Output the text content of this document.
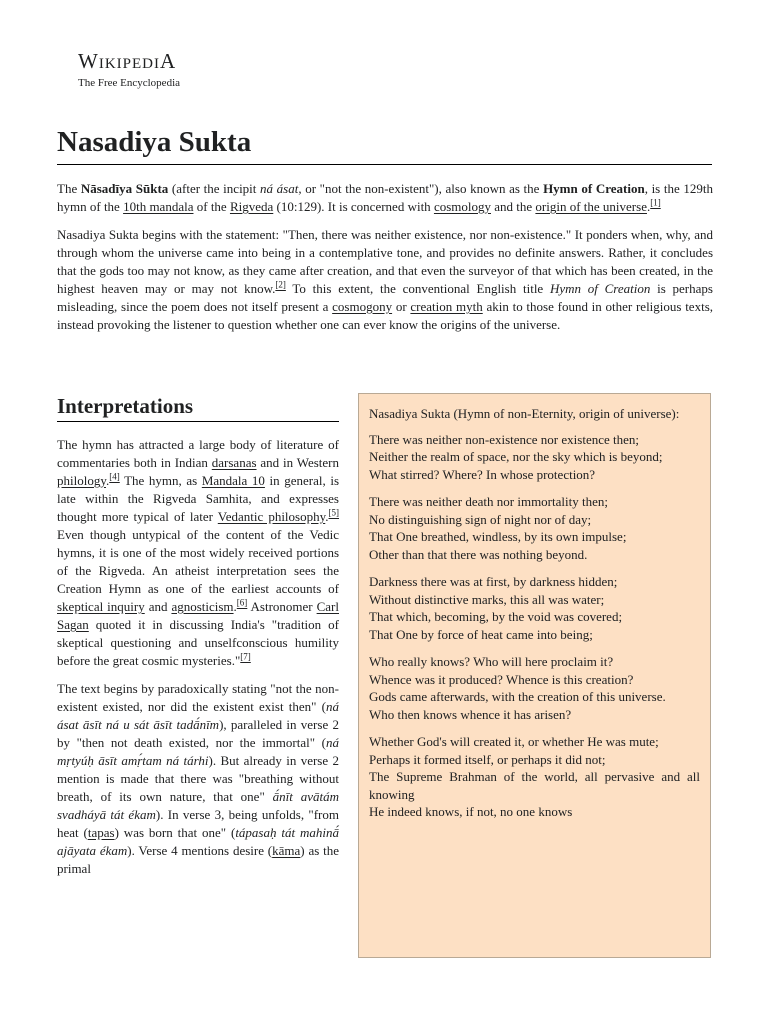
WIKIPEDIA
The Free Encyclopedia
Nasadiya Sukta

The Nāsadīya Sūkta (after the incipit ná ásat, or "not the non-existent"), also known as the Hymn of Creation, is the 129th hymn of the 10th mandala of the Rigveda (10:129). It is concerned with cosmology and the origin of the universe.[1]

Nasadiya Sukta begins with the statement: "Then, there was neither existence, nor non-existence." It ponders when, why, and through whom the universe came into being in a contemplative tone, and provides no definite answers. Rather, it concludes that the gods too may not know, as they came after creation, and that even the surveyor of that which has been created, in the highest heaven may or may not know.[2] To this extent, the conventional English title Hymn of Creation is perhaps misleading, since the poem does not itself present a cosmogony or creation myth akin to those found in other religious texts, instead provoking the listener to question whether one can ever know the origins of the universe.

Interpretations

The hymn has attracted a large body of literature of commentaries both in Indian darsanas and in Western philology.[4] The hymn, as Mandala 10 in general, is late within the Rigveda Samhita, and expresses thought more typical of later Vedantic philosophy.[5] Even though untypical of the content of the Vedic hymns, it is one of the most widely received portions of the Rigveda. An atheist interpretation sees the Creation Hymn as one of the earliest accounts of skeptical inquiry and agnosticism.[6] Astronomer Carl Sagan quoted it in discussing India's "tradition of skeptical questioning and unselfconscious humility before the great cosmic mysteries."[7]

The text begins by paradoxically stating "not the non-existent existed, nor did the existent exist then" (ná ásat āsīt ná u sát āsīt tadā́nīm), paralleled in verse 2 by "then not death existed, nor the immortal" (ná mṛtyúḥ āsīt amṛ́tam ná tárhi). But already in verse 2 mention is made that there was "breathing without breath, of its own nature, that one" ā́nīt avātám svadháyā tát ékam). In verse 3, being unfolds, "from heat (tapas) was born that one" (tápasaḥ tát mahinā́ ajāyata ékam). Verse 4 mentions desire (kāma) as the primal

Nasadiya Sukta (Hymn of non-Eternity, origin of universe):
There was neither non-existence nor existence then;
Neither the realm of space, nor the sky which is beyond;
What stirred? Where? In whose protection?
There was neither death nor immortality then;
No distinguishing sign of night nor of day;
That One breathed, windless, by its own impulse;
Other than that there was nothing beyond.
Darkness there was at first, by darkness hidden;
Without distinctive marks, this all was water;
That which, becoming, by the void was covered;
That One by force of heat came into being;
Who really knows? Who will here proclaim it?
Whence was it produced? Whence is this creation?
Gods came afterwards, with the creation of this universe.
Who then knows whence it has arisen?
Whether God's will created it, or whether He was mute;
Perhaps it formed itself, or perhaps it did not;
The Supreme Brahman of the world, all pervasive and all knowing
He indeed knows, if not, no one knows
